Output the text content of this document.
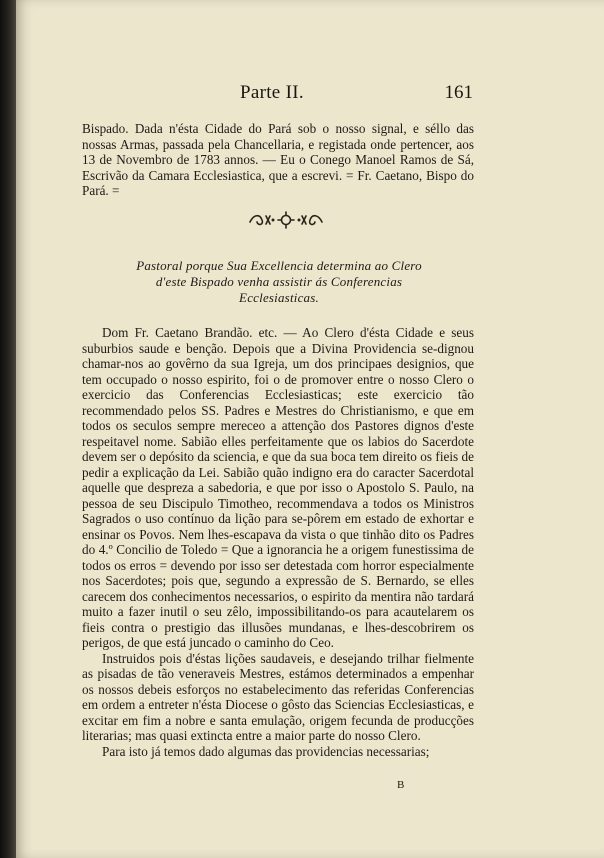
Parte II.	161

Bispado. Dada n'ésta Cidade do Pará sob o nosso signal, e séllo das nossas Armas, passada pela Chancellaria, e registada onde pertencer, aos 13 de Novembro de 1783 annos. — Eu o Conego Manoel Ramos de Sá, Escrivão da Camara Ecclesiastica, que a escrevi. = Fr. Caetano, Bispo do Pará. =

Pastoral porque Sua Excellencia determina ao Clero d'este Bispado venha assistir ás Conferencias Ecclesiasticas.

Dom Fr. Caetano Brandão. etc. — Ao Clero d'ésta Cidade e seus suburbios saude e benção. Depois que a Divina Providencia se-dignou chamar-nos ao govêrno da sua Igreja, um dos principaes designios, que tem occupado o nosso espirito, foi o de promover entre o nosso Clero o exercicio das Conferencias Ecclesiasticas; este exercicio tão recommendado pelos SS. Padres e Mestres do Christianismo, e que em todos os seculos sempre mereceo a attenção dos Pastores dignos d'este respeitavel nome. Sabião elles perfeitamente que os labios do Sacerdote devem ser o depósito da sciencia, e que da sua boca tem direito os fieis de pedir a explicação da Lei. Sabião quão indigno era do caracter Sacerdotal aquelle que despreza a sabedoria, e que por isso o Apostolo S. Paulo, na pessoa de seu Discipulo Timotheo, recommendava a todos os Ministros Sagrados o uso contínuo da lição para se-pôrem em estado de exhortar e ensinar os Povos. Nem lhes-escapava da vista o que tinhão dito os Padres do 4.º Concilio de Toledo = Que a ignorancia he a origem funestissima de todos os erros = devendo por isso ser detestada com horror especialmente nos Sacerdotes; pois que, segundo a expressão de S. Bernardo, se elles carecem dos conhecimentos necessarios, o espirito da mentira não tardará muito a fazer inutil o seu zêlo, impossibilitando-os para acautelarem os fieis contra o prestigio das illusões mundanas, e lhes-descobrirem os perigos, de que está juncado o caminho do Ceo.

Instruidos pois d'éstas lições saudaveis, e desejando trilhar fielmente as pisadas de tão veneraveis Mestres, estámos determinados a empenhar os nossos debeis esforços no estabelecimento das referidas Conferencias em ordem a entreter n'ésta Diocese o gôsto das Sciencias Ecclesiasticas, e excitar em fim a nobre e santa emulação, origem fecunda de producções literarias; mas quasi extincta entre a maior parte do nosso Clero.

Para isto já temos dado algumas das providencias necessarias;

B
